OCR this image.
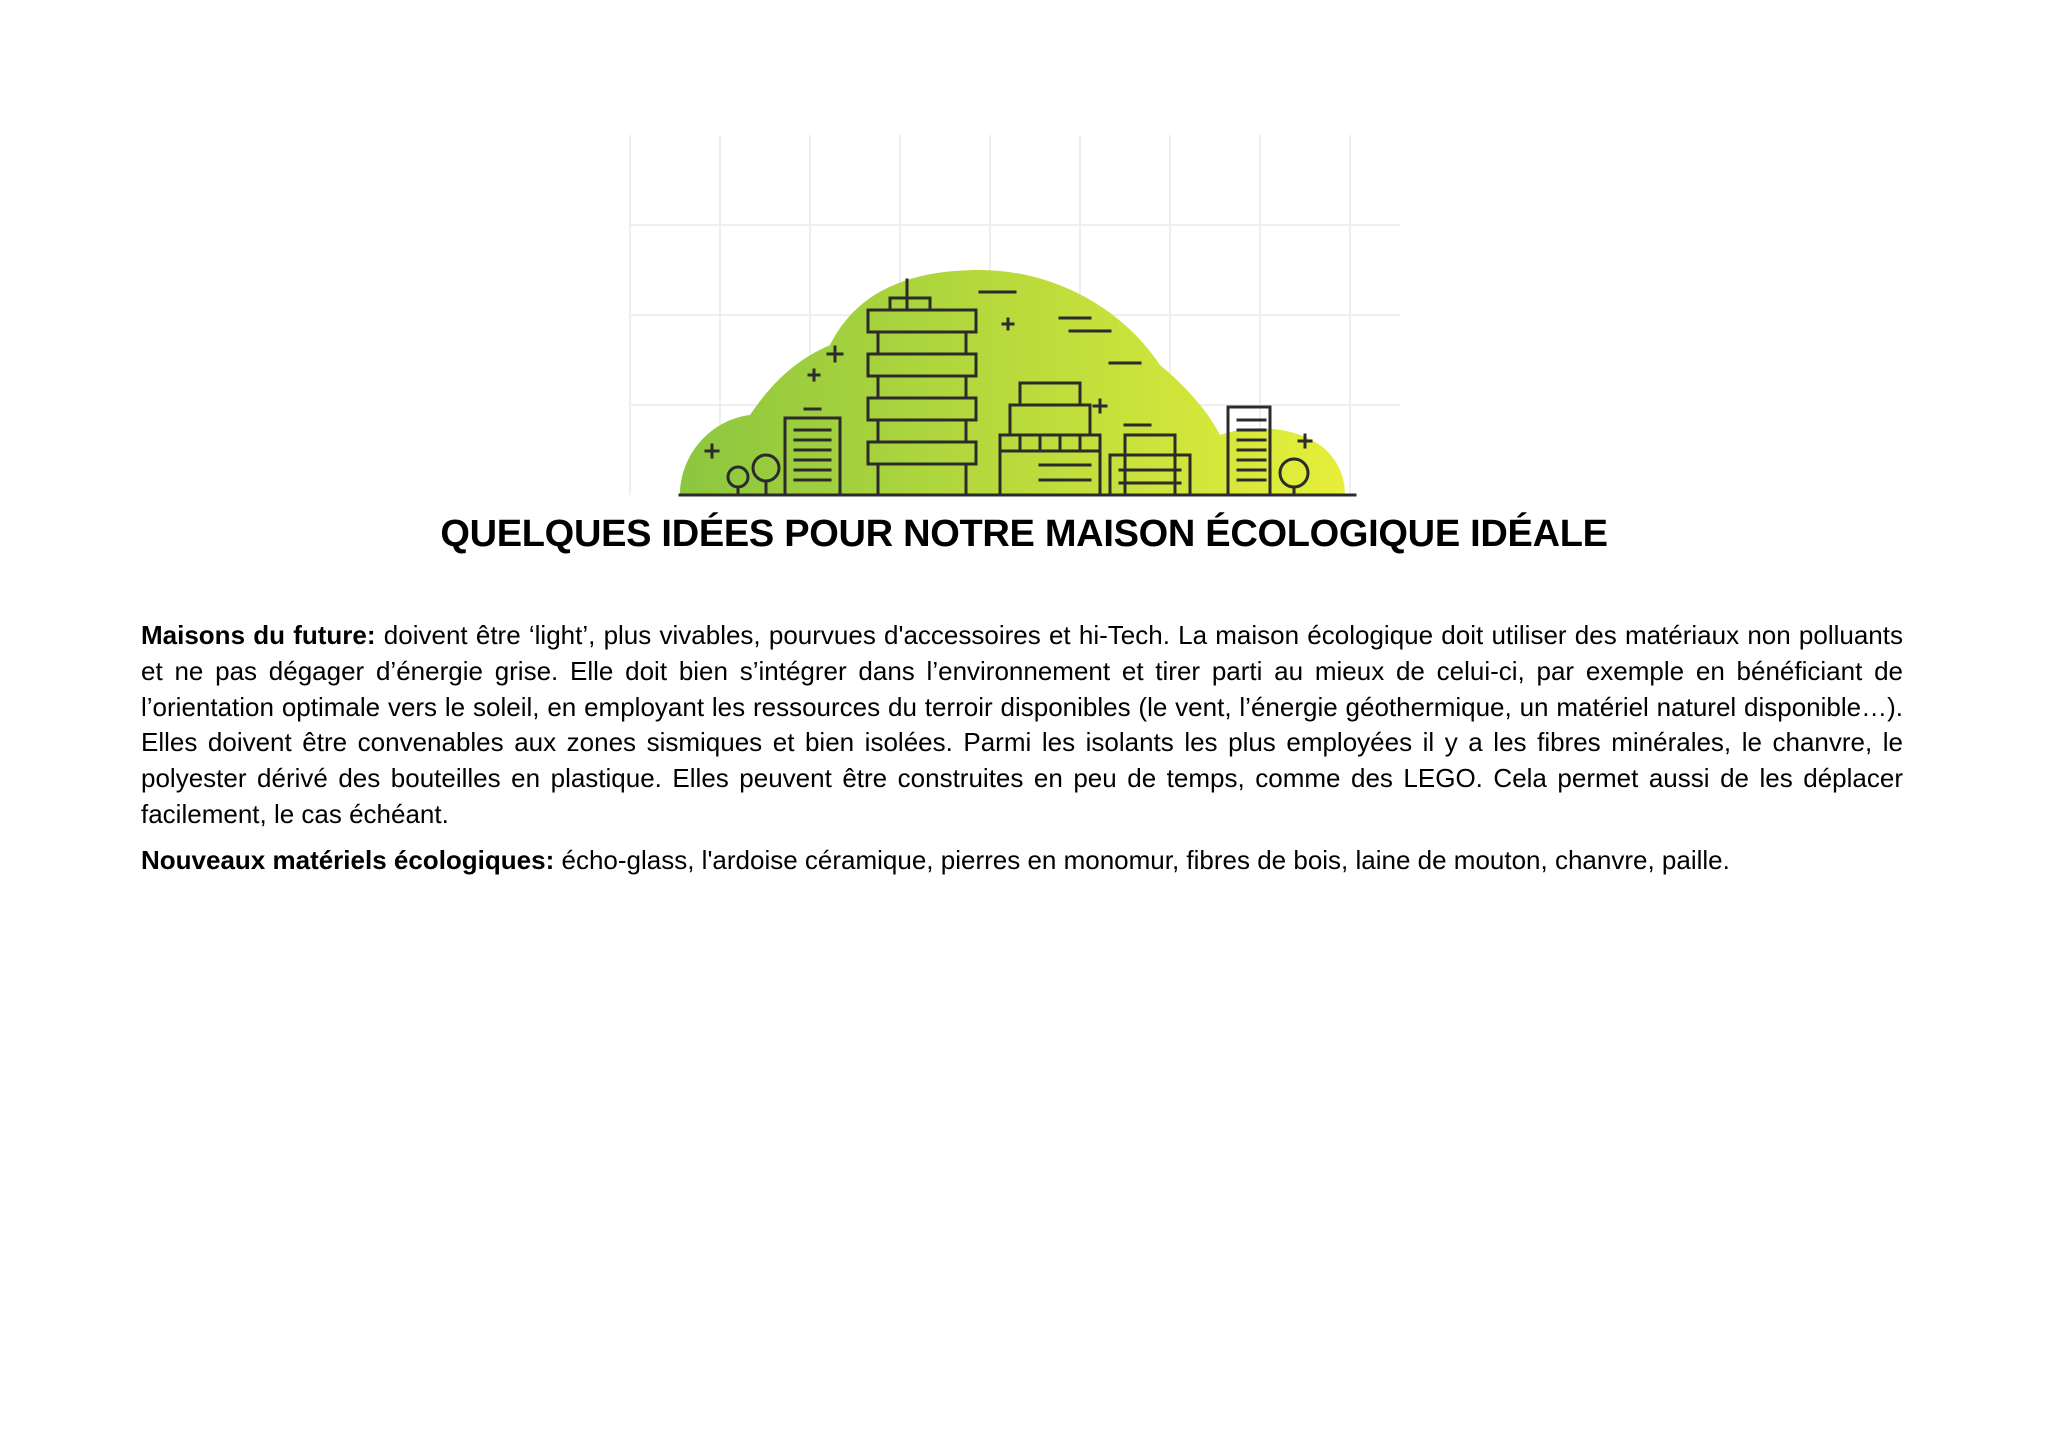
QUELQUES IDÉES POUR NOTRE MAISON ÉCOLOGIQUE IDÉALE

Maisons du future: doivent être ‘light’, plus vivables, pourvues d'accessoires et hi-Tech. La maison écologique doit utiliser des matériaux non polluants et ne pas dégager d’énergie grise. Elle doit bien s’intégrer dans l’environnement et tirer parti au mieux de celui-ci, par exemple en bénéficiant de l’orientation optimale vers le soleil, en employant les ressources du terroir disponibles (le vent, l’énergie géothermique, un matériel naturel disponible…). Elles doivent être convenables aux zones sismiques et bien isolées. Parmi les isolants les plus employées il y a les fibres minérales, le chanvre, le polyester dérivé des bouteilles en plastique. Elles peuvent être construites en peu de temps, comme des LEGO. Cela permet aussi de les déplacer facilement, le cas échéant.

Nouveaux matériels écologiques: écho-glass, l'ardoise céramique, pierres en monomur, fibres de bois, laine de mouton, chanvre, paille.
